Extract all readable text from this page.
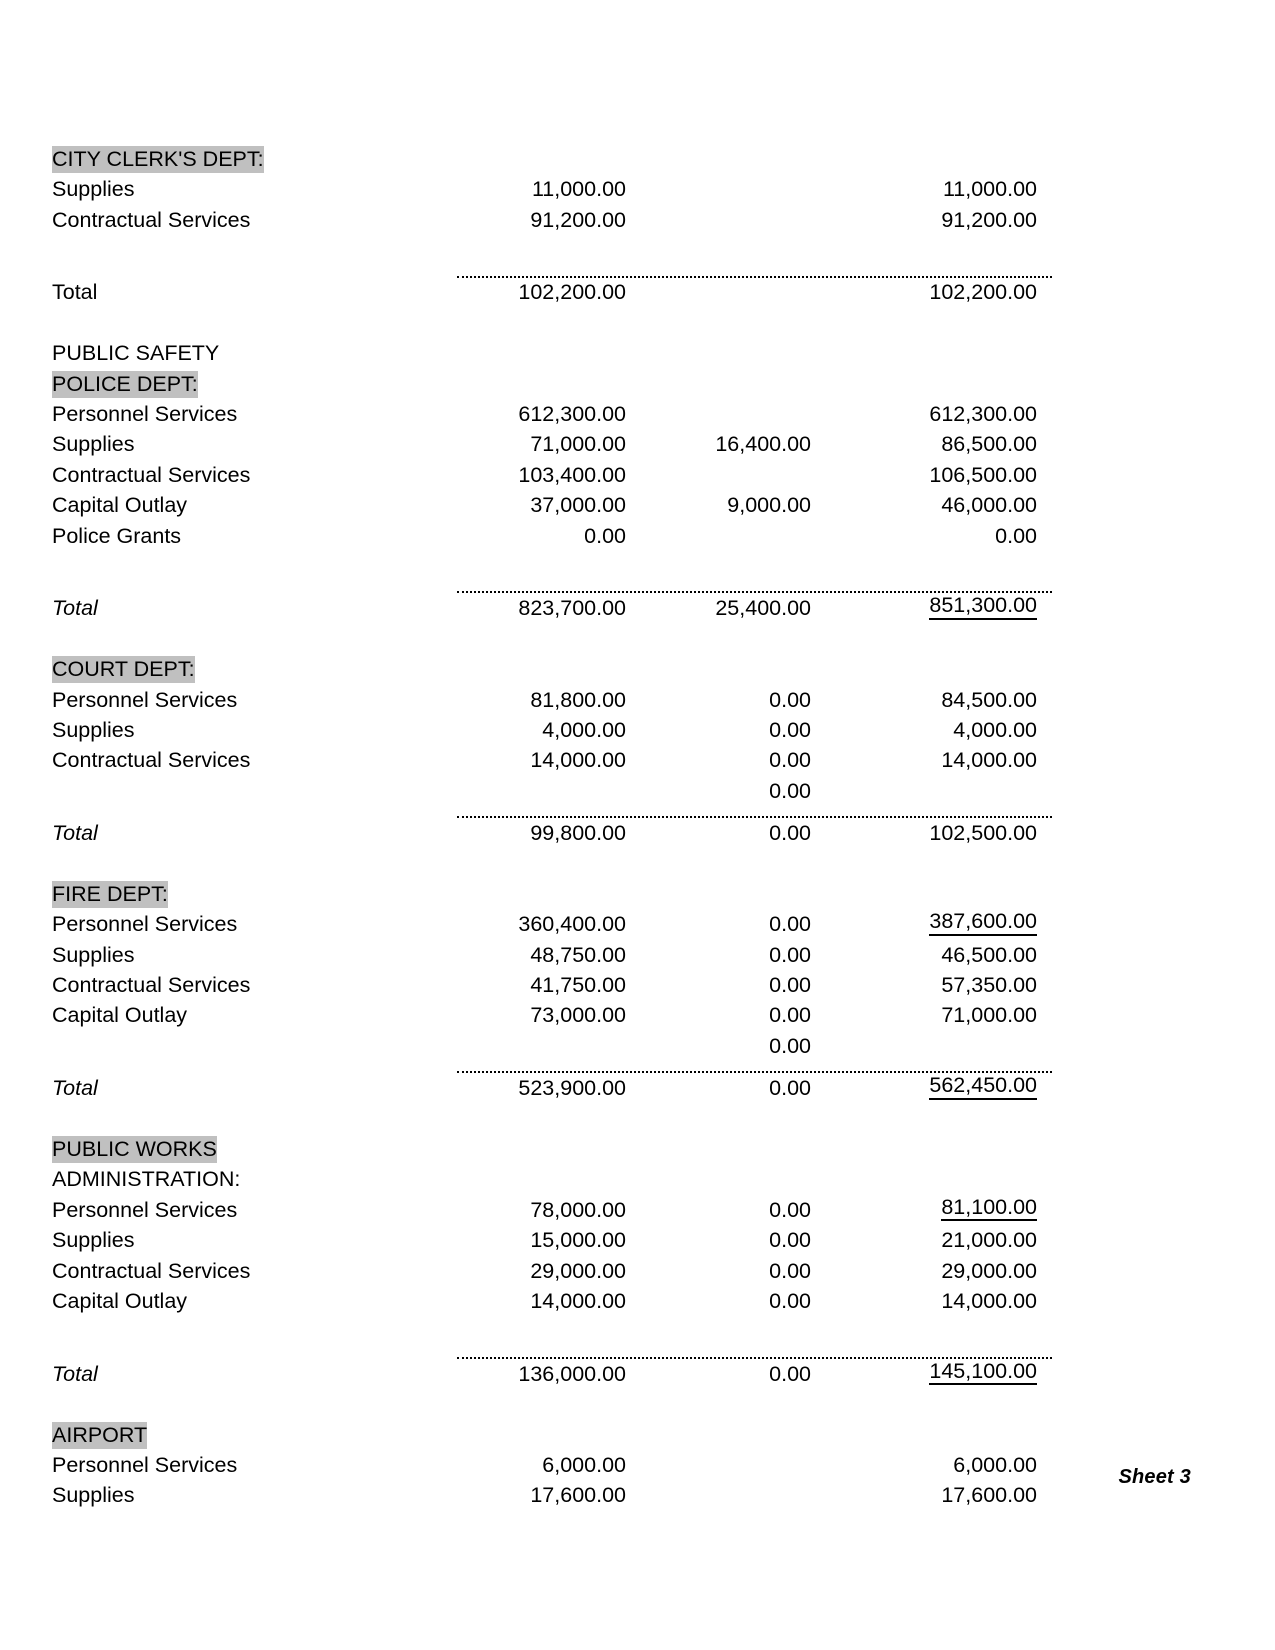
CITY CLERK'S DEPT:			
Supplies	11,000.00		11,000.00
Contractual Services	91,200.00		91,200.00

Total	102,200.00		102,200.00

PUBLIC SAFETY			
POLICE DEPT:			
Personnel Services	612,300.00		612,300.00
Supplies	71,000.00	16,400.00	86,500.00
Contractual Services	103,400.00		106,500.00
Capital Outlay	37,000.00	9,000.00	46,000.00
Police Grants	0.00		0.00

Total	823,700.00	25,400.00	851,300.00

COURT DEPT:			
Personnel Services	81,800.00	0.00	84,500.00
Supplies	4,000.00	0.00	4,000.00
Contractual Services	14,000.00	0.00	14,000.00
		0.00	

Total	99,800.00	0.00	102,500.00

FIRE DEPT:			
Personnel Services	360,400.00	0.00	387,600.00
Supplies	48,750.00	0.00	46,500.00
Contractual Services	41,750.00	0.00	57,350.00
Capital Outlay	73,000.00	0.00	71,000.00
		0.00	

Total	523,900.00	0.00	562,450.00

PUBLIC WORKS			
ADMINISTRATION:			
Personnel Services	78,000.00	0.00	81,100.00
Supplies	15,000.00	0.00	21,000.00
Contractual Services	29,000.00	0.00	29,000.00
Capital Outlay	14,000.00	0.00	14,000.00

Total	136,000.00	0.00	145,100.00

AIRPORT			
Personnel Services	6,000.00		6,000.00
Supplies	17,600.00		17,600.00
Sheet 3
